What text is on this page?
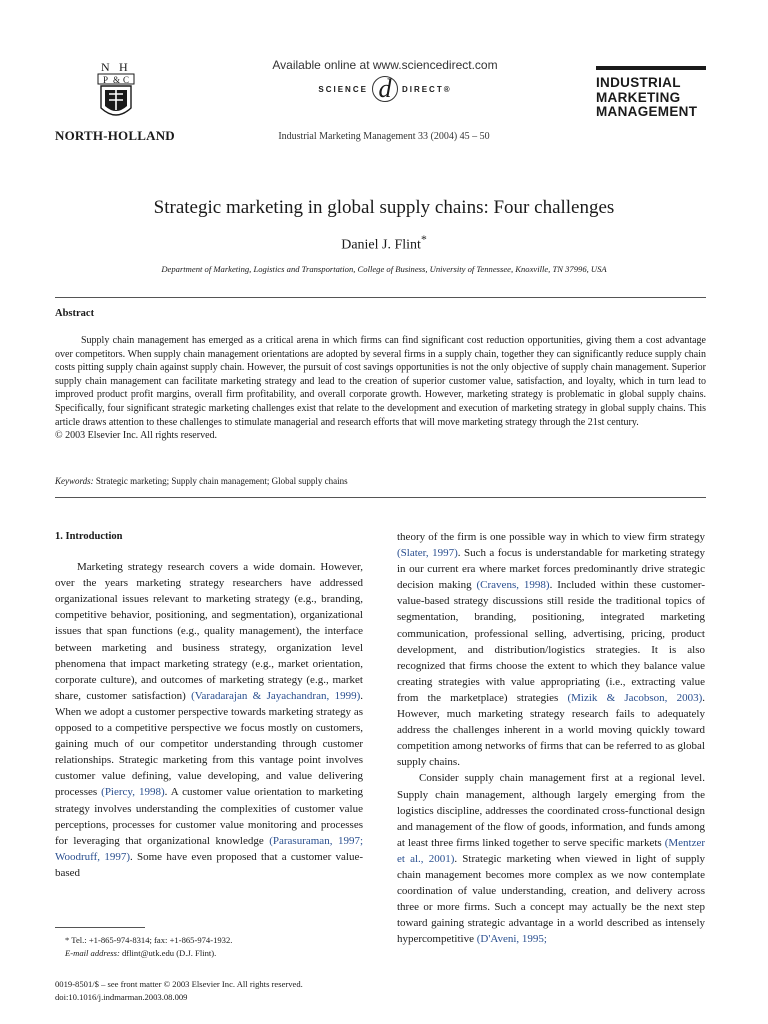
N H
P & C
NORTH-HOLLAND
Available online at www.sciencedirect.com
SCIENCE d	DIRECT®
Industrial Marketing Management 33 (2004) 45 – 50
INDUSTRIAL
MARKETING
MANAGEMENT
Strategic marketing in global supply chains: Four challenges
Daniel J. Flint*
Department of Marketing, Logistics and Transportation, College of Business, University of Tennessee, Knoxville, TN 37996, USA
Abstract
Supply chain management has emerged as a critical arena in which firms can find significant cost reduction opportunities, giving them a cost advantage over competitors. When supply chain management orientations are adopted by several firms in a supply chain, together they can significantly reduce supply chain costs pitting supply chain against supply chain. However, the pursuit of cost savings opportunities is not the only objective of supply chain management. Superior supply chain management can facilitate marketing strategy and lead to the creation of superior customer value, satisfaction, and loyalty, which in turn lead to improved product profit margins, overall firm profitability, and overall corporate growth. However, marketing strategy is problematic in global supply chains. Specifically, four significant strategic marketing challenges exist that relate to the development and execution of marketing strategy in global supply chains. This article draws attention to these challenges to stimulate managerial and research efforts that will move marketing strategy through the 21st century.
© 2003 Elsevier Inc. All rights reserved.
Keywords: Strategic marketing; Supply chain management; Global supply chains
1. Introduction

Marketing strategy research covers a wide domain. However, over the years marketing strategy researchers have addressed organizational issues relevant to marketing strategy (e.g., branding, competitive behavior, positioning, and segmentation), organizational issues that span functions (e.g., quality management), the interface between marketing and business strategy, organization level phenomena that impact marketing strategy (e.g., market orientation, corporate culture), and outcomes of marketing strategy (e.g., market share, customer satisfaction) (Varadarajan & Jayachandran, 1999). When we adopt a customer perspective towards marketing strategy as opposed to a competitive perspective we focus mostly on customers, gaining much of our competitor understanding through customer relationships. Strategic marketing from this vantage point involves customer value defining, value developing, and value delivering processes (Piercy, 1998). A customer value orientation to marketing strategy involves understanding the complexities of customer value perceptions, processes for customer value monitoring and processes for leveraging that organizational knowledge (Parasuraman, 1997; Woodruff, 1997). Some have even proposed that a customer value-based

theory of the firm is one possible way in which to view firm strategy (Slater, 1997). Such a focus is understandable for marketing strategy in our current era where market forces predominantly drive strategic decision making (Cravens, 1998). Included within these customer-value-based strategy discussions still reside the traditional topics of segmentation, branding, positioning, integrated marketing communication, professional selling, advertising, pricing, product development, and distribution/logistics strategies. It is also recognized that firms choose the extent to which they balance value creating strategies with value appropriating (i.e., extracting value from the marketplace) strategies (Mizik & Jacobson, 2003). However, much marketing strategy research fails to adequately address the challenges inherent in a world moving quickly toward competition among networks of firms that can be referred to as global supply chains.

Consider supply chain management first at a regional level. Supply chain management, although largely emerging from the logistics discipline, addresses the coordinated cross-functional design and management of the flow of goods, information, and funds among at least three firms linked together to serve specific markets (Mentzer et al., 2001). Strategic marketing when viewed in light of supply chain management becomes more complex as we now contemplate coordination of value understanding, creation, and delivery across three or more firms. Such a concept may actually be the next step toward gaining strategic advantage in a world described as intensely hypercompetitive (D'Aveni, 1995;

* Tel.: +1-865-974-8314; fax: +1-865-974-1932.
E-mail address: dflint@utk.edu (D.J. Flint).
0019-8501/$ – see front matter © 2003 Elsevier Inc. All rights reserved.
doi:10.1016/j.indmarman.2003.08.009
